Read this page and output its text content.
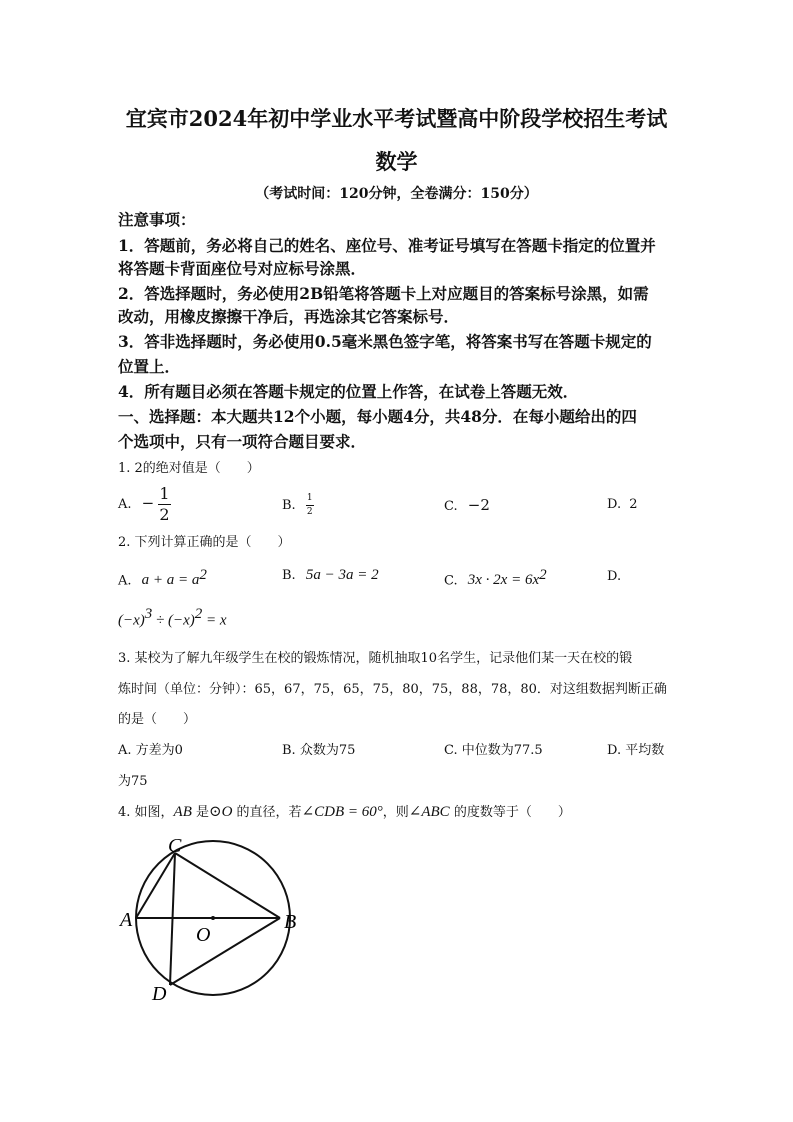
宜宾市2024年初中学业水平考试暨高中阶段学校招生考试
数学
（考试时间：120分钟，全卷满分：150分）
注意事项：
1．答题前，务必将自己的姓名、座位号、准考证号填写在答题卡指定的位置并
将答题卡背面座位号对应标号涂黑．
2．答选择题时，务必使用2B铅笔将答题卡上对应题目的答案标号涂黑，如需
改动，用橡皮擦擦干净后，再选涂其它答案标号．
3．答非选择题时，务必使用0.5毫米黑色签字笔，将答案书写在答题卡规定的
位置上．
4．所有题目必须在答题卡规定的位置上作答，在试卷上答题无效．
一、选择题：本大题共12个小题，每小题4分，共48分．在每小题给出的四
个选项中，只有一项符合题目要求．
1. 2的绝对值是（　　）
A. − $\frac{1}{2}$	B. $\frac{1}{2}$	C. −2	D. 2
2. 下列计算正确的是（　　）
A. $a + a = a^2$	B. 5a − 3a = 2	C. $3x \cdot 2x = 6x^2$	D.
$(-x)^3 \div (-x)^2 = x$
3. 某校为了解九年级学生在校的锻炼情况，随机抽取10名学生，记录他们某一天在校的锻
炼时间（单位：分钟）：65，67，75，65，75，80，75，88，78，80．对这组数据判断正确
的是（　　）
A. 方差为0	B. 众数为75	C. 中位数为77.5	D. 平均数
为75
4. 如图，AB 是⊙O 的直径，若∠CDB = 60°，则∠ABC 的度数等于（　　）
A	B
C
D
O
